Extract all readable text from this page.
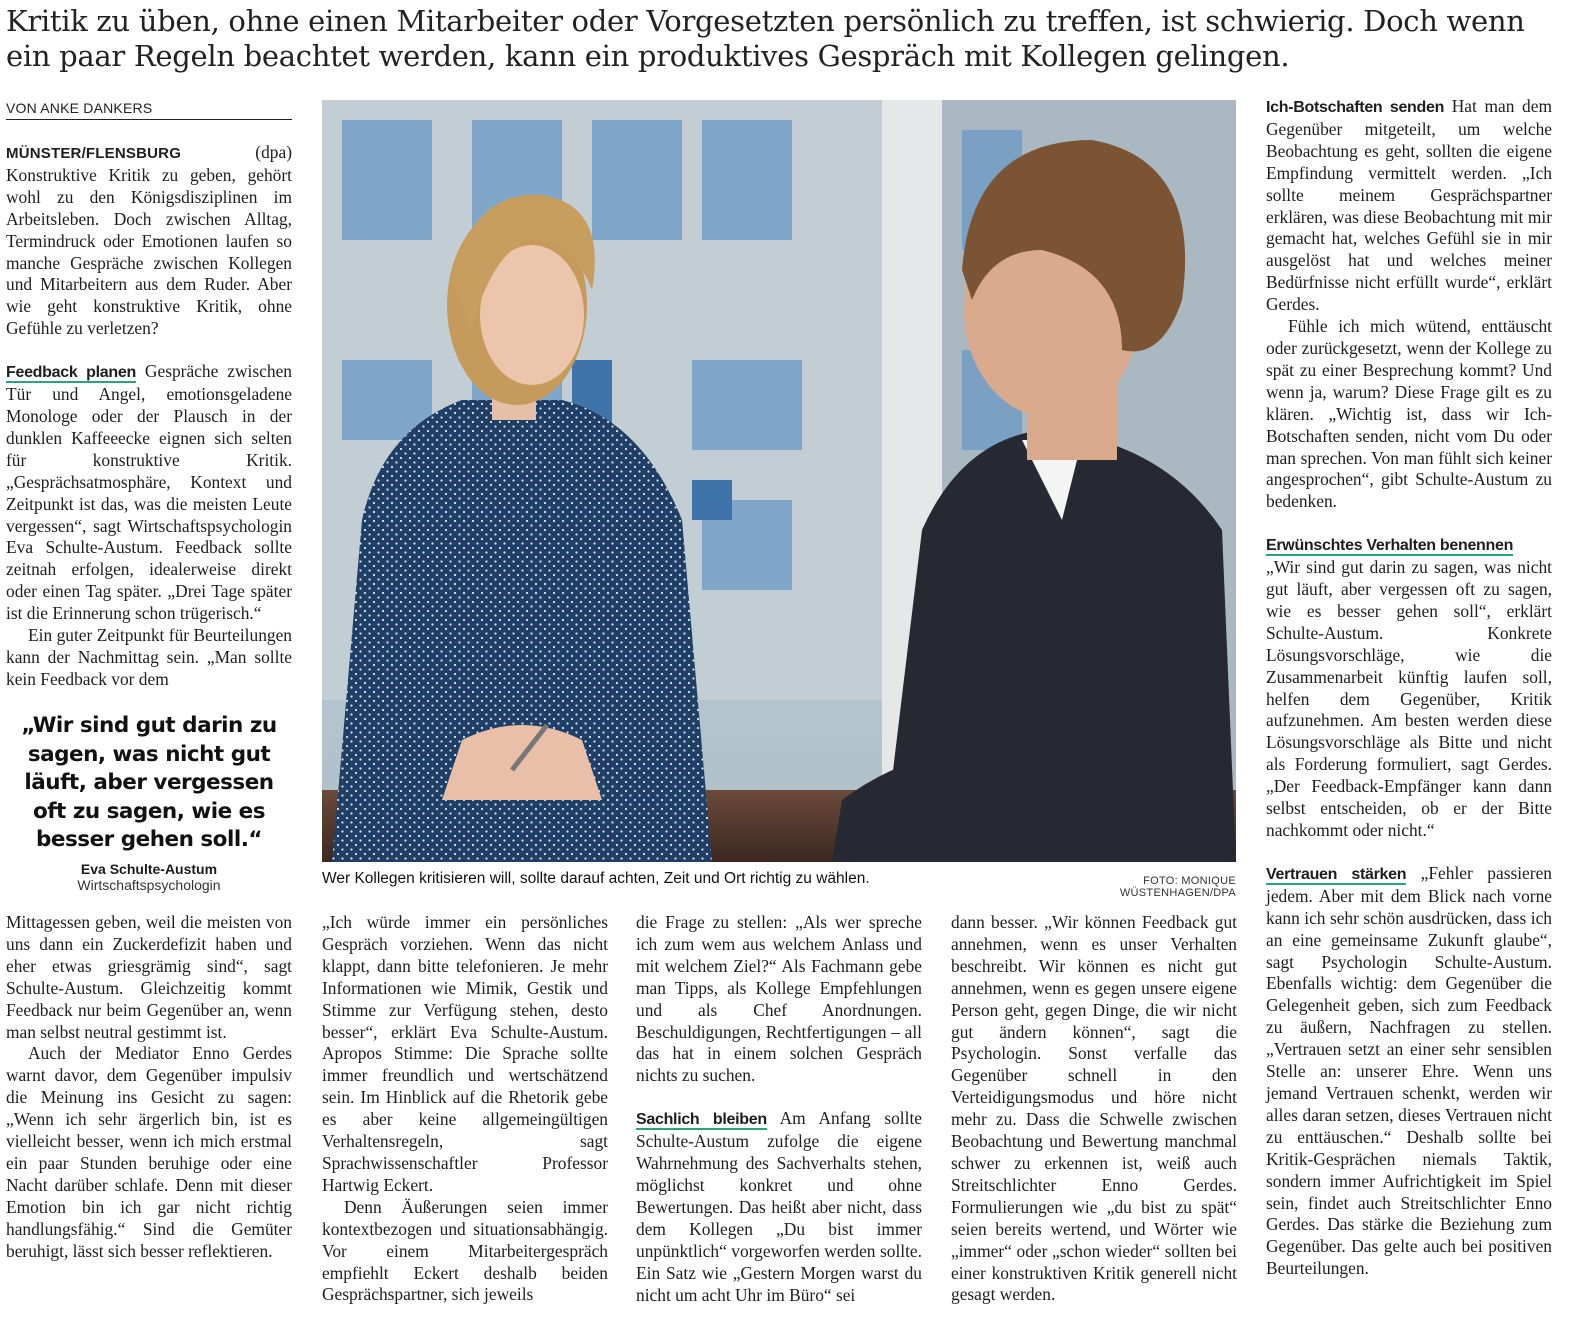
Kritik zu üben, ohne einen Mitarbeiter oder Vorgesetzten persönlich zu treffen, ist schwierig. Doch wenn ein paar Regeln beachtet werden, kann ein produktives Gespräch mit Kollegen gelingen.
VON ANKE DANKERS

MÜNSTER/FLENSBURG (dpa) Konstruktive Kritik zu geben, gehört wohl zu den Königsdisziplinen im Arbeitsleben. Doch zwischen Alltag, Termindruck oder Emotionen laufen so manche Gespräche zwischen Kollegen und Mitarbeitern aus dem Ruder. Aber wie geht konstruktive Kritik, ohne Gefühle zu verletzen?

Feedback planen Gespräche zwischen Tür und Angel, emotionsgeladene Monologe oder der Plausch in der dunklen Kaffeeecke eignen sich selten für konstruktive Kritik. „Gesprächsatmosphäre, Kontext und Zeitpunkt ist das, was die meisten Leute vergessen“, sagt Wirtschaftspsychologin Eva Schulte-Austum. Feedback sollte zeitnah erfolgen, idealerweise direkt oder einen Tag später. „Drei Tage später ist die Erinnerung schon trügerisch.“

Ein guter Zeitpunkt für Beurteilungen kann der Nachmittag sein. „Man sollte kein Feedback vor dem

„Wir sind gut darin zu sagen, was nicht gut läuft, aber vergessen oft zu sagen, wie es besser gehen soll.“
Eva Schulte-Austum
Wirtschaftspsychologin

Mittagessen geben, weil die meisten von uns dann ein Zuckerdefizit haben und eher etwas griesgrämig sind“, sagt Schulte-Austum. Gleichzeitig kommt Feedback nur beim Gegenüber an, wenn man selbst neutral gestimmt ist.

Auch der Mediator Enno Gerdes warnt davor, dem Gegenüber impulsiv die Meinung ins Gesicht zu sagen: „Wenn ich sehr ärgerlich bin, ist es vielleicht besser, wenn ich mich erstmal ein paar Stunden beruhige oder eine Nacht darüber schlafe. Denn mit dieser Emotion bin ich gar nicht richtig handlungsfähig.“ Sind die Gemüter beruhigt, lässt sich besser reflektieren.

Wer Kollegen kritisieren will, sollte darauf achten, Zeit und Ort richtig zu wählen.	FOTO: MONIQUE WÜSTENHAGEN/DPA

„Ich würde immer ein persönliches Gespräch vorziehen. Wenn das nicht klappt, dann bitte telefonieren. Je mehr Informationen wie Mimik, Gestik und Stimme zur Verfügung stehen, desto besser“, erklärt Eva Schulte-Austum. Apropos Stimme: Die Sprache sollte immer freundlich und wertschätzend sein. Im Hinblick auf die Rhetorik gebe es aber keine allgemeingültigen Verhaltensregeln, sagt Sprachwissenschaftler Professor Hartwig Eckert.

Denn Äußerungen seien immer kontextbezogen und situationsabhängig. Vor einem Mitarbeitergespräch empfiehlt Eckert deshalb beiden Gesprächspartner, sich jeweils

die Frage zu stellen: „Als wer spreche ich zum wem aus welchem Anlass und mit welchem Ziel?“ Als Fachmann gebe man Tipps, als Kollege Empfehlungen und als Chef Anordnungen. Beschuldigungen, Rechtfertigungen – all das hat in einem solchen Gespräch nichts zu suchen.

Sachlich bleiben Am Anfang sollte Schulte-Austum zufolge die eigene Wahrnehmung des Sachverhalts stehen, möglichst konkret und ohne Bewertungen. Das heißt aber nicht, dass dem Kollegen „Du bist immer unpünktlich“ vorgeworfen werden sollte. Ein Satz wie „Gestern Morgen warst du nicht um acht Uhr im Büro“ sei

dann besser. „Wir können Feedback gut annehmen, wenn es unser Verhalten beschreibt. Wir können es nicht gut annehmen, wenn es gegen unsere eigene Person geht, gegen Dinge, die wir nicht gut ändern können“, sagt die Psychologin. Sonst verfalle das Gegenüber schnell in den Verteidigungsmodus und höre nicht mehr zu. Dass die Schwelle zwischen Beobachtung und Bewertung manchmal schwer zu erkennen ist, weiß auch Streitschlichter Enno Gerdes. Formulierungen wie „du bist zu spät“ seien bereits wertend, und Wörter wie „immer“ oder „schon wieder“ sollten bei einer konstruktiven Kritik generell nicht gesagt werden.

Ich-Botschaften senden Hat man dem Gegenüber mitgeteilt, um welche Beobachtung es geht, sollten die eigene Empfindung vermittelt werden. „Ich sollte meinem Gesprächspartner erklären, was diese Beobachtung mit mir gemacht hat, welches Gefühl sie in mir ausgelöst hat und welches meiner Bedürfnisse nicht erfüllt wurde“, erklärt Gerdes.

Fühle ich mich wütend, enttäuscht oder zurückgesetzt, wenn der Kollege zu spät zu einer Besprechung kommt? Und wenn ja, warum? Diese Frage gilt es zu klären. „Wichtig ist, dass wir Ich-Botschaften senden, nicht vom Du oder man sprechen. Von man fühlt sich keiner angesprochen“, gibt Schulte-Austum zu bedenken.

Erwünschtes Verhalten benennen

„Wir sind gut darin zu sagen, was nicht gut läuft, aber vergessen oft zu sagen, wie es besser gehen soll“, erklärt Schulte-Austum. Konkrete Lösungsvorschläge, wie die Zusammenarbeit künftig laufen soll, helfen dem Gegenüber, Kritik aufzunehmen. Am besten werden diese Lösungsvorschläge als Bitte und nicht als Forderung formuliert, sagt Gerdes. „Der Feedback-Empfänger kann dann selbst entscheiden, ob er der Bitte nachkommt oder nicht.“

Vertrauen stärken „Fehler passieren jedem. Aber mit dem Blick nach vorne kann ich sehr schön ausdrücken, dass ich an eine gemeinsame Zukunft glaube“, sagt Psychologin Schulte-Austum. Ebenfalls wichtig: dem Gegenüber die Gelegenheit geben, sich zum Feedback zu äußern, Nachfragen zu stellen. „Vertrauen setzt an einer sehr sensiblen Stelle an: unserer Ehre. Wenn uns jemand Vertrauen schenkt, werden wir alles daran setzen, dieses Vertrauen nicht zu enttäuschen.“ Deshalb sollte bei Kritik-Gesprächen niemals Taktik, sondern immer Aufrichtigkeit im Spiel sein, findet auch Streitschlichter Enno Gerdes. Das stärke die Beziehung zum Gegenüber. Das gelte auch bei positiven Beurteilungen.
